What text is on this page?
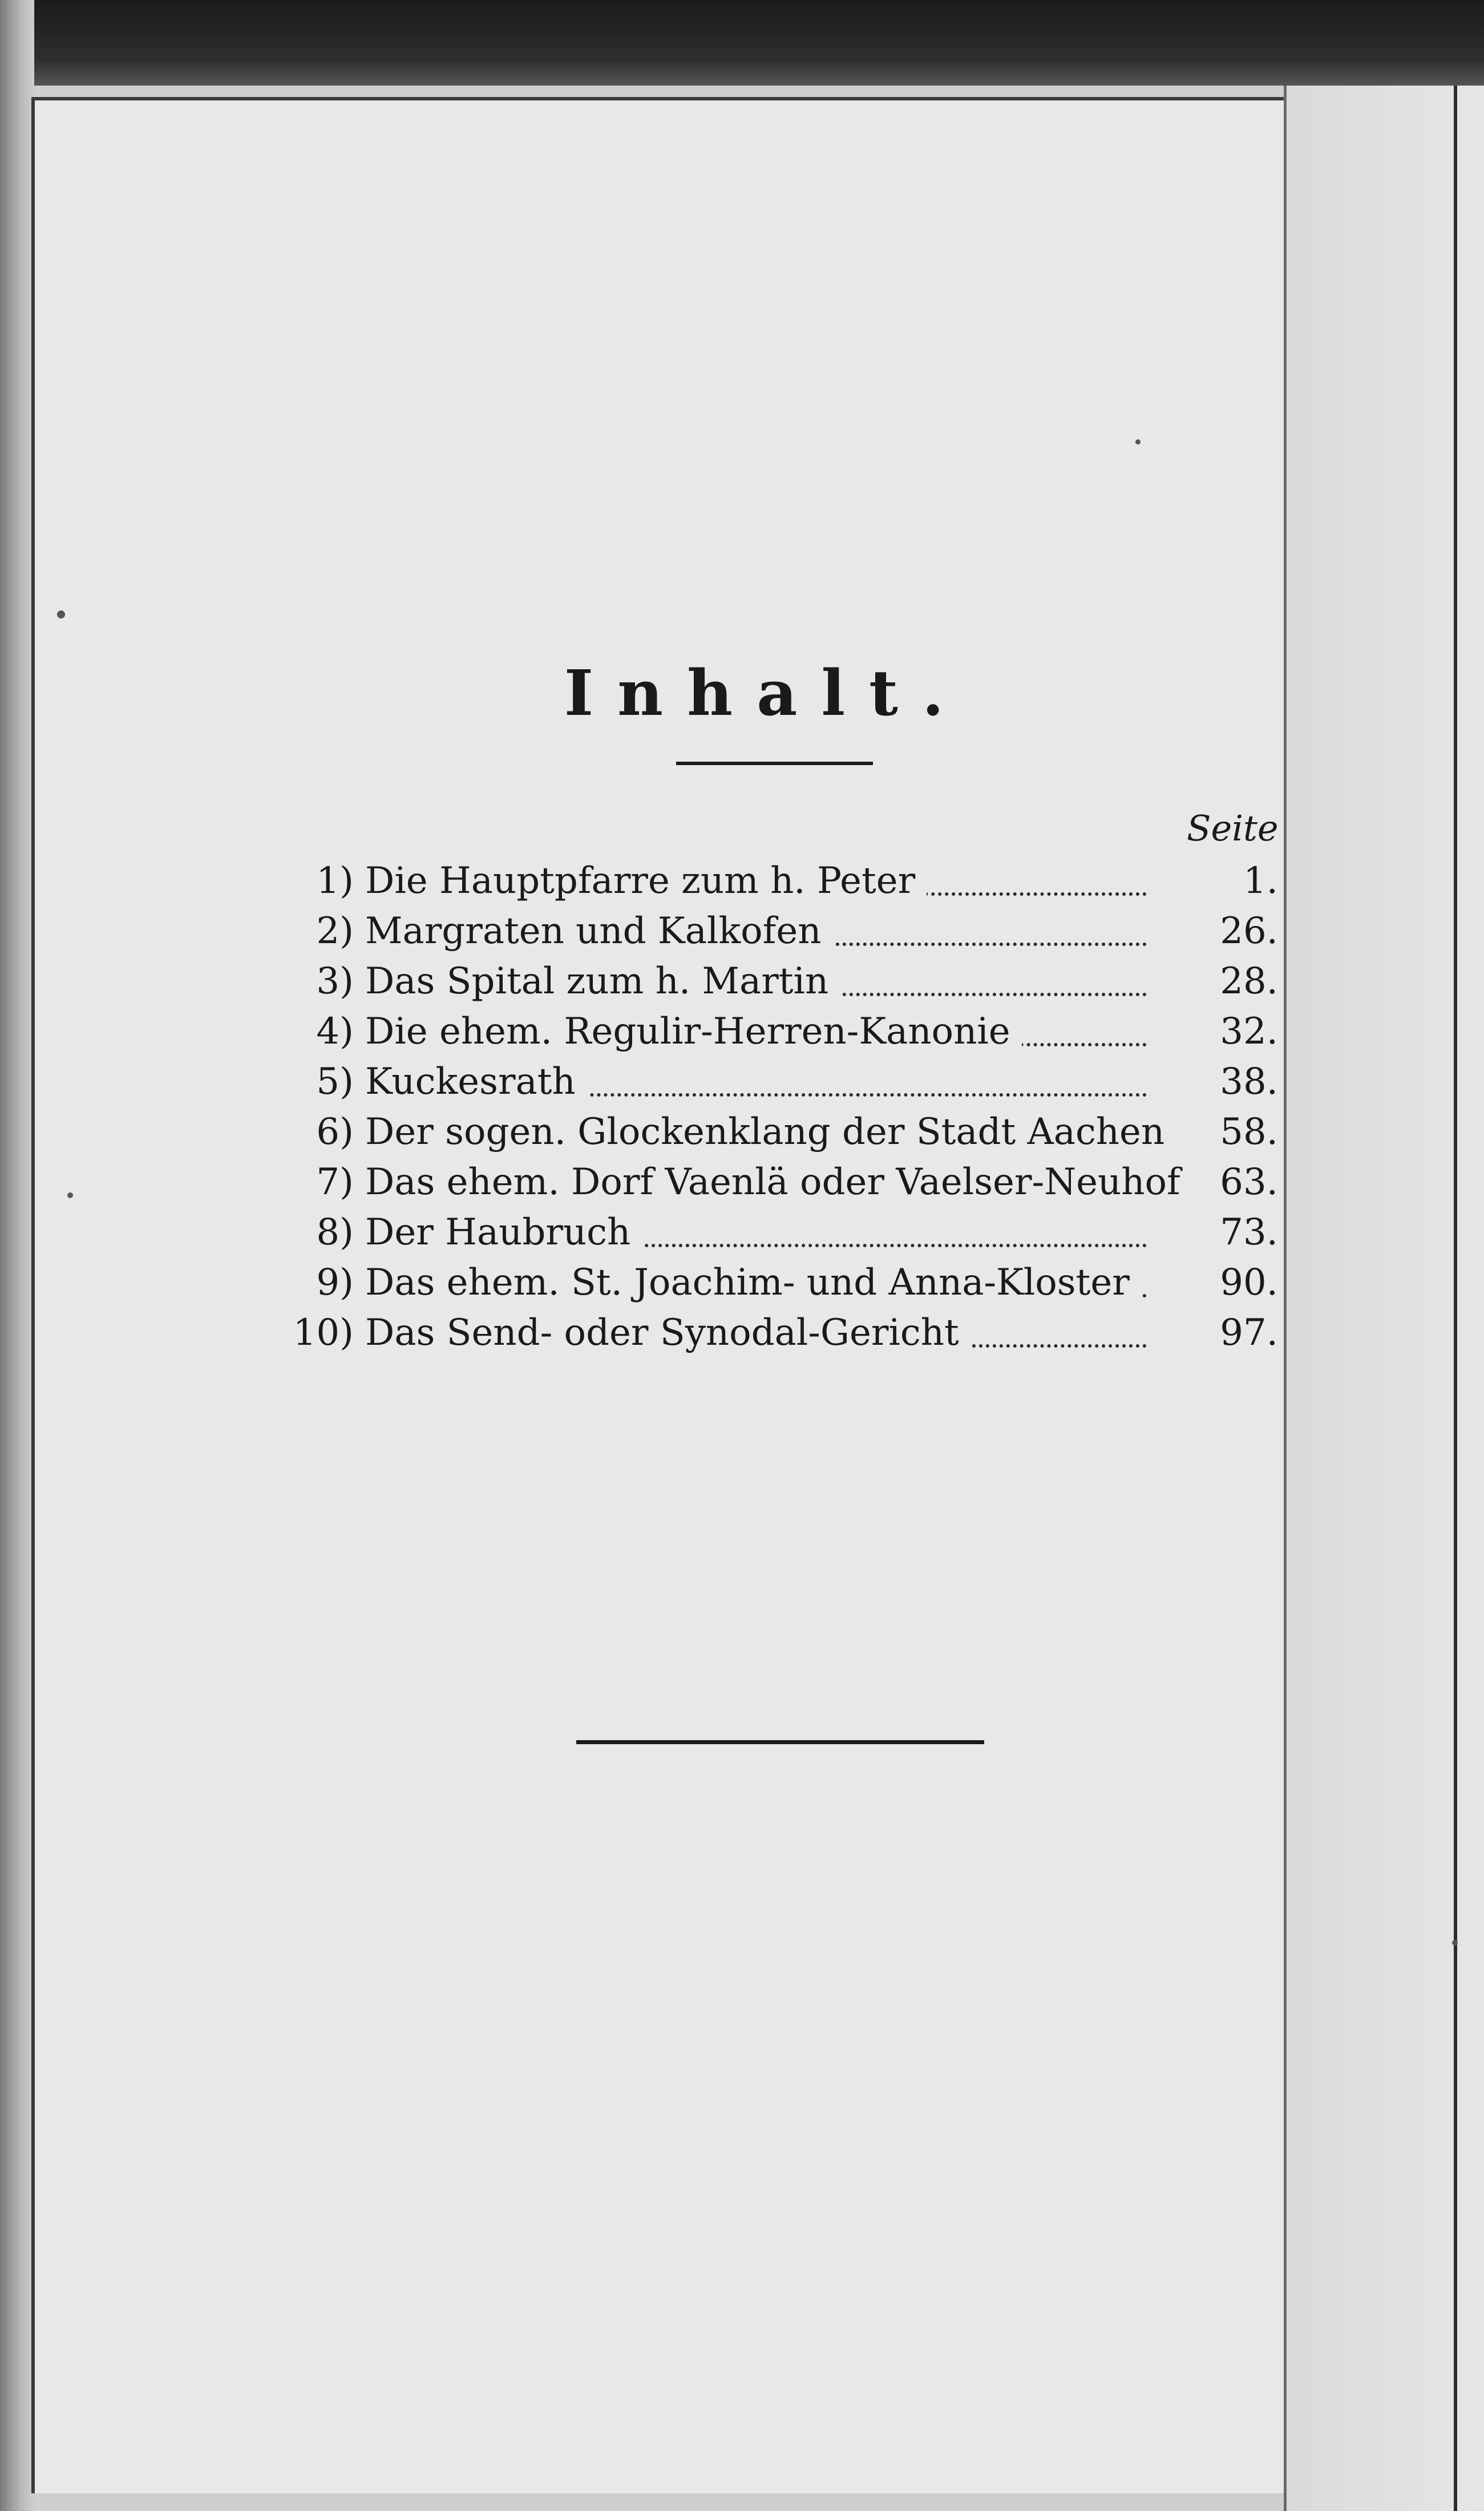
Inhalt.
Seite
1) Die Hauptpfarre zum h. Peter	1.
2) Margraten und Kalkofen	26.
3) Das Spital zum h. Martin	28.
4) Die ehem. Regulir-Herren-Kanonie	32.
5) Kuckesrath	38.
6) Der sogen. Glockenklang der Stadt Aachen	58.
7) Das ehem. Dorf Vaenlä oder Vaelser-Neuhof	63.
8) Der Haubruch	73.
9) Das ehem. St. Joachim- und Anna-Kloster	90.
10) Das Send- oder Synodal-Gericht	97.
